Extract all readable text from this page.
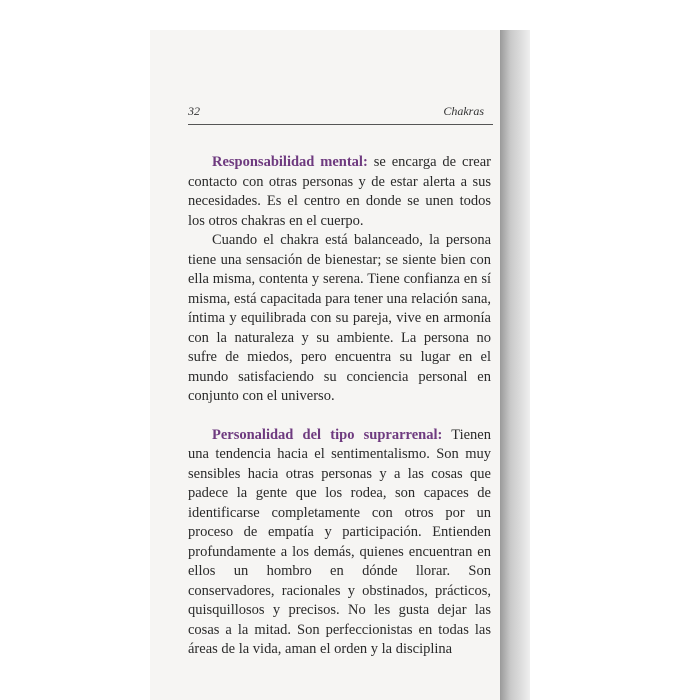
32	Chakras

Responsabilidad mental: se encarga de crear contacto con otras personas y de estar alerta a sus necesidades. Es el centro en donde se unen todos los otros chakras en el cuerpo.

Cuando el chakra está balanceado, la persona tiene una sensación de bienestar; se siente bien con ella misma, contenta y serena. Tiene confianza en sí misma, está capacitada para tener una relación sana, íntima y equilibrada con su pareja, vive en armonía con la naturaleza y su ambiente. La persona no sufre de miedos, pero encuentra su lugar en el mundo satisfaciendo su conciencia personal en conjunto con el universo.

Personalidad del tipo suprarrenal: Tienen una tendencia hacia el sentimentalismo. Son muy sensibles hacia otras personas y a las cosas que padece la gente que los rodea, son capaces de identificarse completamente con otros por un proceso de empatía y participación. Entienden profundamente a los demás, quienes encuentran en ellos un hombro en dónde llorar. Son conservadores, racionales y obstinados, prácticos, quisquillosos y precisos. No les gusta dejar las cosas a la mitad. Son perfeccionistas en todas las áreas de la vida, aman el orden y la disciplina
